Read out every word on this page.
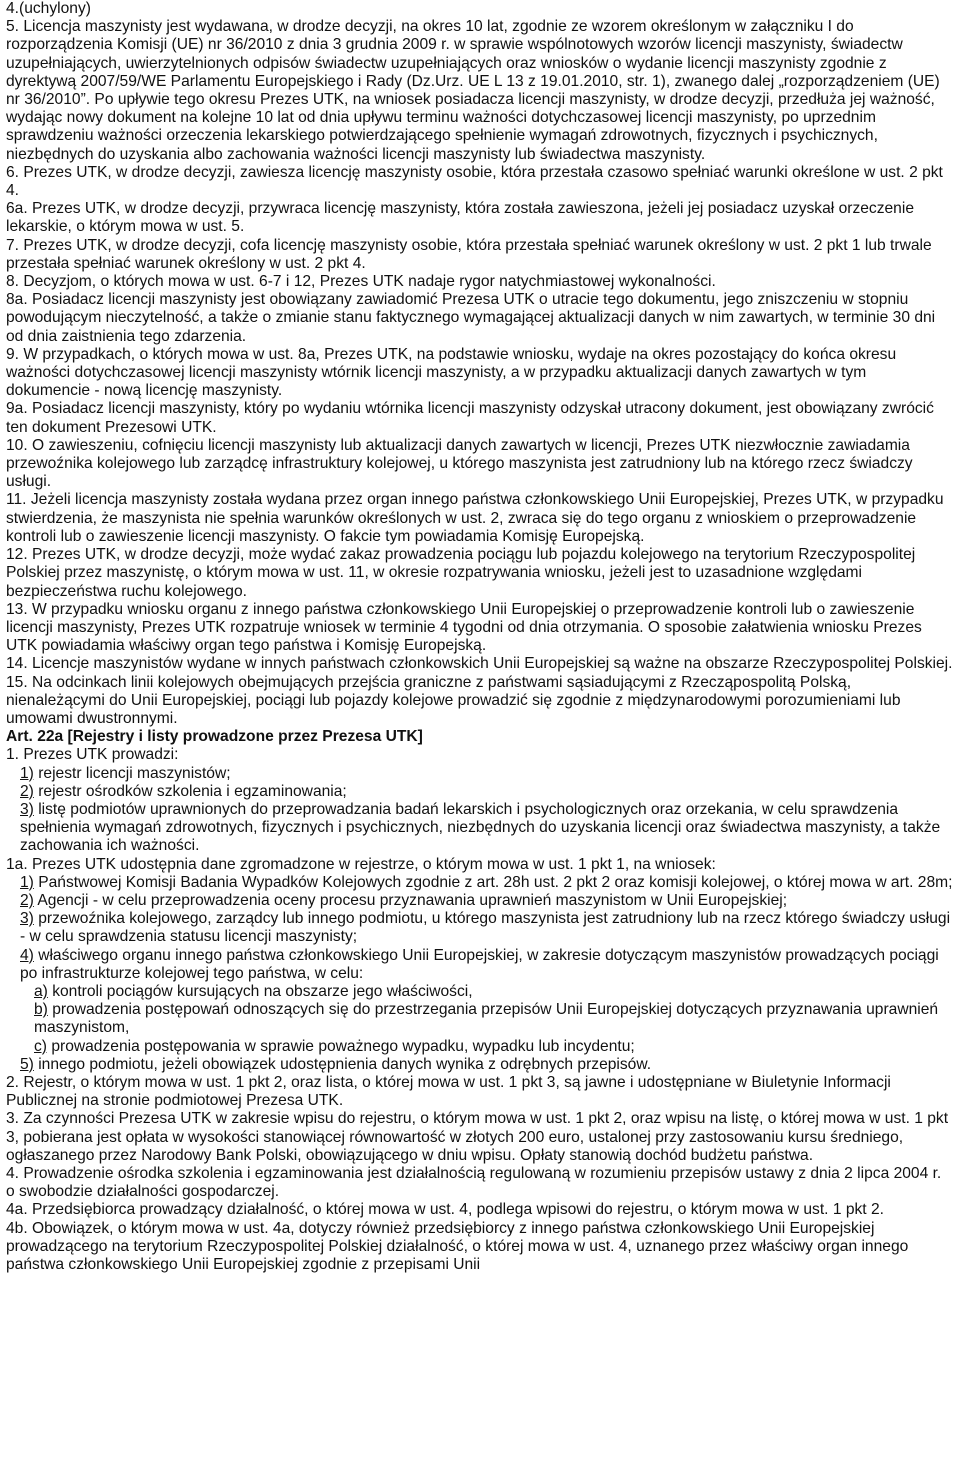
4.(uchylony)

5. Licencja maszynisty jest wydawana, w drodze decyzji, na okres 10 lat, zgodnie ze wzorem określonym w załączniku I do rozporządzenia Komisji (UE) nr 36/2010 z dnia 3 grudnia 2009 r. w sprawie wspólnotowych wzorów licencji maszynisty, świadectw uzupełniających, uwierzytelnionych odpisów świadectw uzupełniających oraz wniosków o wydanie licencji maszynisty zgodnie z dyrektywą 2007/59/WE Parlamentu Europejskiego i Rady (Dz.Urz. UE L 13 z 19.01.2010, str. 1), zwanego dalej „rozporządzeniem (UE) nr 36/2010”. Po upływie tego okresu Prezes UTK, na wniosek posiadacza licencji maszynisty, w drodze decyzji, przedłuża jej ważność, wydając nowy dokument na kolejne 10 lat od dnia upływu terminu ważności dotychczasowej licencji maszynisty, po uprzednim sprawdzeniu ważności orzeczenia lekarskiego potwierdzającego spełnienie wymagań zdrowotnych, fizycznych i psychicznych, niezbędnych do uzyskania albo zachowania ważności licencji maszynisty lub świadectwa maszynisty.

6. Prezes UTK, w drodze decyzji, zawiesza licencję maszynisty osobie, która przestała czasowo spełniać warunki określone w ust. 2 pkt 4.

6a. Prezes UTK, w drodze decyzji, przywraca licencję maszynisty, która została zawieszona, jeżeli jej posiadacz uzyskał orzeczenie lekarskie, o którym mowa w ust. 5.

7. Prezes UTK, w drodze decyzji, cofa licencję maszynisty osobie, która przestała spełniać warunek określony w ust. 2 pkt 1 lub trwale przestała spełniać warunek określony w ust. 2 pkt 4.

8. Decyzjom, o których mowa w ust. 6-7 i 12, Prezes UTK nadaje rygor natychmiastowej wykonalności.

8a. Posiadacz licencji maszynisty jest obowiązany zawiadomić Prezesa UTK o utracie tego dokumentu, jego zniszczeniu w stopniu powodującym nieczytelność, a także o zmianie stanu faktycznego wymagającej aktualizacji danych w nim zawartych, w terminie 30 dni od dnia zaistnienia tego zdarzenia.

9. W przypadkach, o których mowa w ust. 8a, Prezes UTK, na podstawie wniosku, wydaje na okres pozostający do końca okresu ważności dotychczasowej licencji maszynisty wtórnik licencji maszynisty, a w przypadku aktualizacji danych zawartych w tym dokumencie - nową licencję maszynisty.

9a. Posiadacz licencji maszynisty, który po wydaniu wtórnika licencji maszynisty odzyskał utracony dokument, jest obowiązany zwrócić ten dokument Prezesowi UTK.

10. O zawieszeniu, cofnięciu licencji maszynisty lub aktualizacji danych zawartych w licencji, Prezes UTK niezwłocznie zawiadamia przewoźnika kolejowego lub zarządcę infrastruktury kolejowej, u którego maszynista jest zatrudniony lub na którego rzecz świadczy usługi.

11. Jeżeli licencja maszynisty została wydana przez organ innego państwa członkowskiego Unii Europejskiej, Prezes UTK, w przypadku stwierdzenia, że maszynista nie spełnia warunków określonych w ust. 2, zwraca się do tego organu z wnioskiem o przeprowadzenie kontroli lub o zawieszenie licencji maszynisty. O fakcie tym powiadamia Komisję Europejską.

12. Prezes UTK, w drodze decyzji, może wydać zakaz prowadzenia pociągu lub pojazdu kolejowego na terytorium Rzeczypospolitej Polskiej przez maszynistę, o którym mowa w ust. 11, w okresie rozpatrywania wniosku, jeżeli jest to uzasadnione względami bezpieczeństwa ruchu kolejowego.

13. W przypadku wniosku organu z innego państwa członkowskiego Unii Europejskiej o przeprowadzenie kontroli lub o zawieszenie licencji maszynisty, Prezes UTK rozpatruje wniosek w terminie 4 tygodni od dnia otrzymania. O sposobie załatwienia wniosku Prezes UTK powiadamia właściwy organ tego państwa i Komisję Europejską.

14. Licencje maszynistów wydane w innych państwach członkowskich Unii Europejskiej są ważne na obszarze Rzeczypospolitej Polskiej.

15. Na odcinkach linii kolejowych obejmujących przejścia graniczne z państwami sąsiadującymi z Rzecząpospolitą Polską, nienależącymi do Unii Europejskiej, pociągi lub pojazdy kolejowe prowadzić się zgodnie z międzynarodowymi porozumieniami lub umowami dwustronnymi.

Art. 22a [Rejestry i listy prowadzone przez Prezesa UTK]

1. Prezes UTK prowadzi:

1) rejestr licencji maszynistów;

2) rejestr ośrodków szkolenia i egzaminowania;

3) listę podmiotów uprawnionych do przeprowadzania badań lekarskich i psychologicznych oraz orzekania, w celu sprawdzenia spełnienia wymagań zdrowotnych, fizycznych i psychicznych, niezbędnych do uzyskania licencji oraz świadectwa maszynisty, a także zachowania ich ważności.

1a. Prezes UTK udostępnia dane zgromadzone w rejestrze, o którym mowa w ust. 1 pkt 1, na wniosek:

1) Państwowej Komisji Badania Wypadków Kolejowych zgodnie z art. 28h ust. 2 pkt 2 oraz komisji kolejowej, o której mowa w art. 28m;

2) Agencji - w celu przeprowadzenia oceny procesu przyznawania uprawnień maszynistom w Unii Europejskiej;

3) przewoźnika kolejowego, zarządcy lub innego podmiotu, u którego maszynista jest zatrudniony lub na rzecz którego świadczy usługi - w celu sprawdzenia statusu licencji maszynisty;

4) właściwego organu innego państwa członkowskiego Unii Europejskiej, w zakresie dotyczącym maszynistów prowadzących pociągi po infrastrukturze kolejowej tego państwa, w celu:

a) kontroli pociągów kursujących na obszarze jego właściwości,

b) prowadzenia postępowań odnoszących się do przestrzegania przepisów Unii Europejskiej dotyczących przyznawania uprawnień maszynistom,

c) prowadzenia postępowania w sprawie poważnego wypadku, wypadku lub incydentu;

5) innego podmiotu, jeżeli obowiązek udostępnienia danych wynika z odrębnych przepisów.

2. Rejestr, o którym mowa w ust. 1 pkt 2, oraz lista, o której mowa w ust. 1 pkt 3, są jawne i udostępniane w Biuletynie Informacji Publicznej na stronie podmiotowej Prezesa UTK.

3. Za czynności Prezesa UTK w zakresie wpisu do rejestru, o którym mowa w ust. 1 pkt 2, oraz wpisu na listę, o której mowa w ust. 1 pkt 3, pobierana jest opłata w wysokości stanowiącej równowartość w złotych 200 euro, ustalonej przy zastosowaniu kursu średniego, ogłaszanego przez Narodowy Bank Polski, obowiązującego w dniu wpisu. Opłaty stanowią dochód budżetu państwa.

4. Prowadzenie ośrodka szkolenia i egzaminowania jest działalnością regulowaną w rozumieniu przepisów ustawy z dnia 2 lipca 2004 r. o swobodzie działalności gospodarczej.

4a. Przedsiębiorca prowadzący działalność, o której mowa w ust. 4, podlega wpisowi do rejestru, o którym mowa w ust. 1 pkt 2.

4b. Obowiązek, o którym mowa w ust. 4a, dotyczy również przedsiębiorcy z innego państwa członkowskiego Unii Europejskiej prowadzącego na terytorium Rzeczypospolitej Polskiej działalność, o której mowa w ust. 4, uznanego przez właściwy organ innego państwa członkowskiego Unii Europejskiej zgodnie z przepisami Unii
